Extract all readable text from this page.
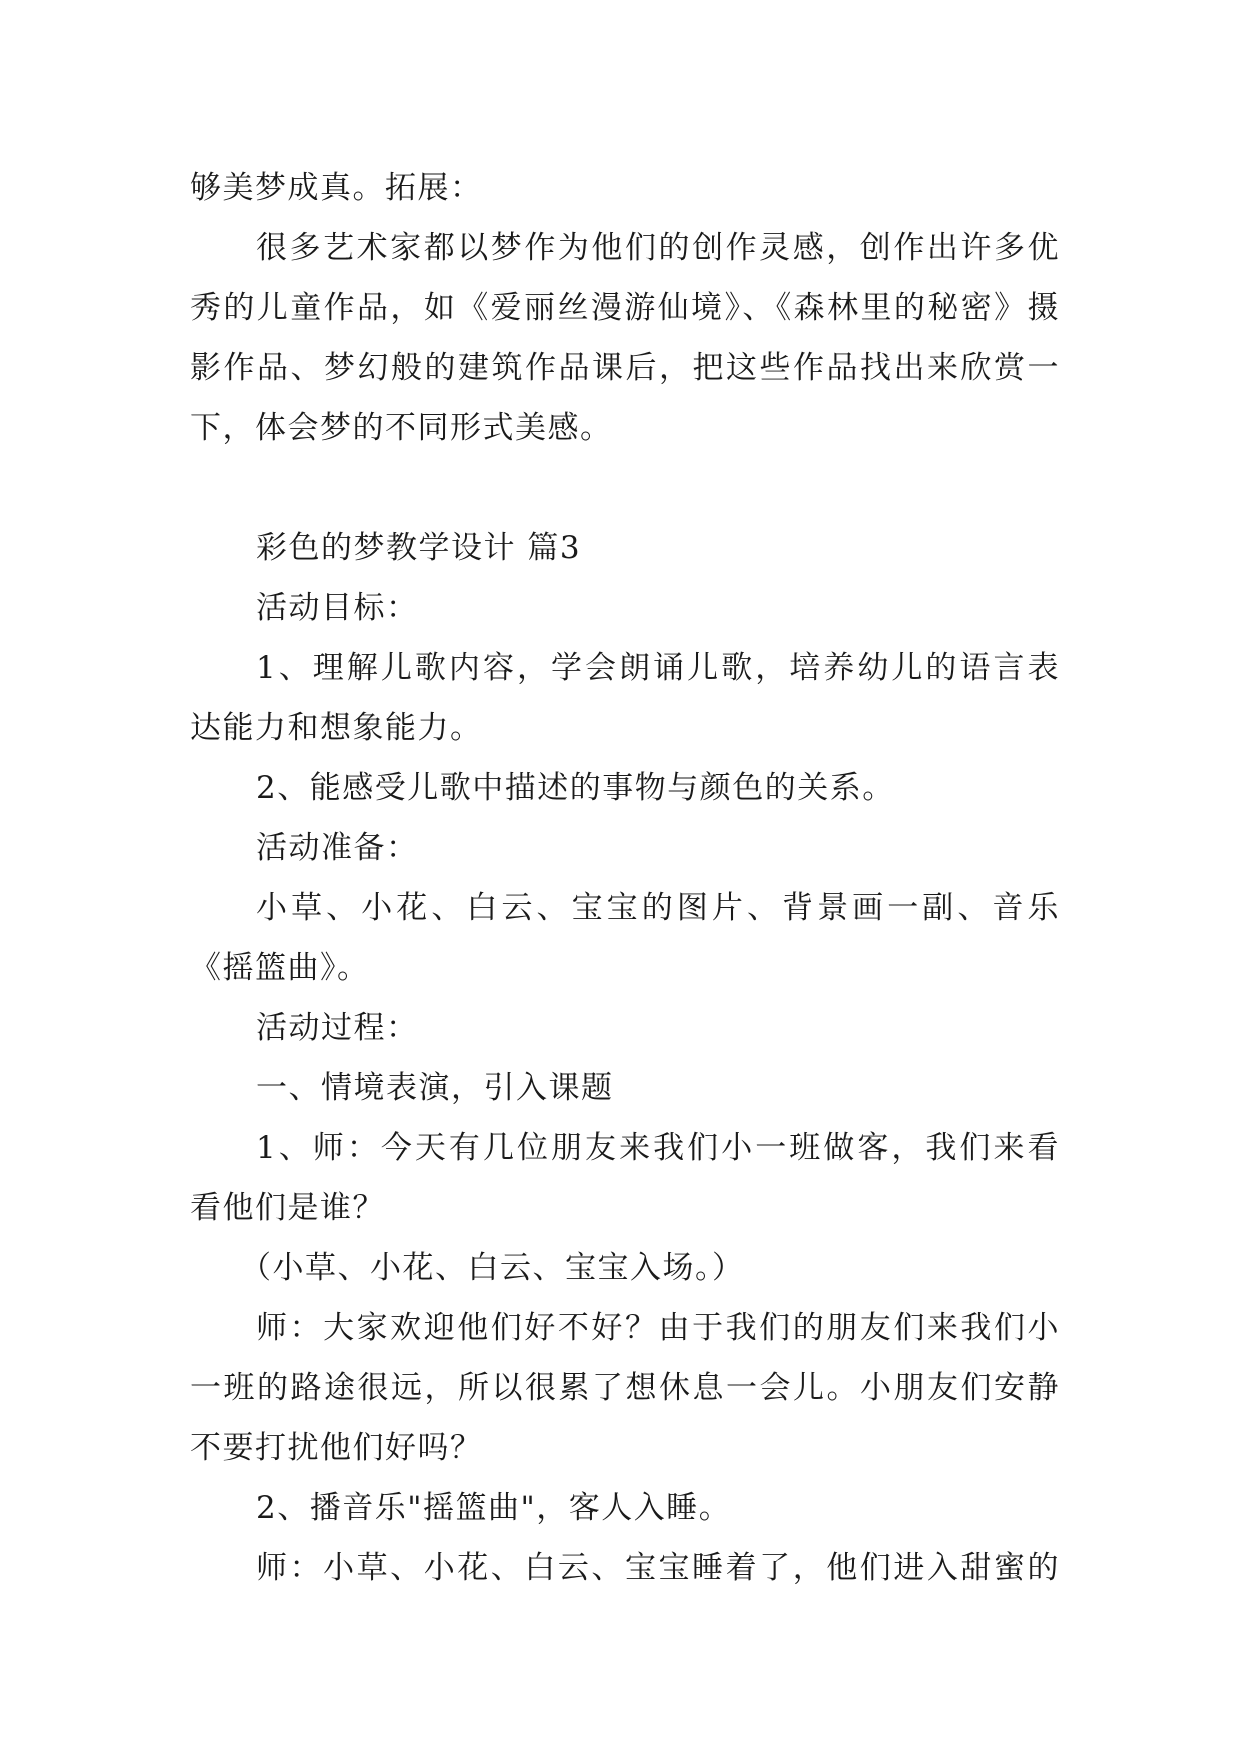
够美梦成真。拓展：
很多艺术家都以梦作为他们的创作灵感，创作出许多优
秀的儿童作品，如《爱丽丝漫游仙境》、《森林里的秘密》摄
影作品、梦幻般的建筑作品课后，把这些作品找出来欣赏一
下，体会梦的不同形式美感。
彩色的梦教学设计 篇3
活动目标：
1、理解儿歌内容，学会朗诵儿歌，培养幼儿的语言表
达能力和想象能力。
2、能感受儿歌中描述的事物与颜色的关系。
活动准备：
小草、小花、白云、宝宝的图片、背景画一副、音乐
《摇篮曲》。
活动过程：
一、情境表演，引入课题
1、师：今天有几位朋友来我们小一班做客，我们来看
看他们是谁？
（小草、小花、白云、宝宝入场。）
师：大家欢迎他们好不好？由于我们的朋友们来我们小
一班的路途很远，所以很累了想休息一会儿。小朋友们安静
不要打扰他们好吗？
2、播音乐"摇篮曲"，客人入睡。
师：小草、小花、白云、宝宝睡着了，他们进入甜蜜的
